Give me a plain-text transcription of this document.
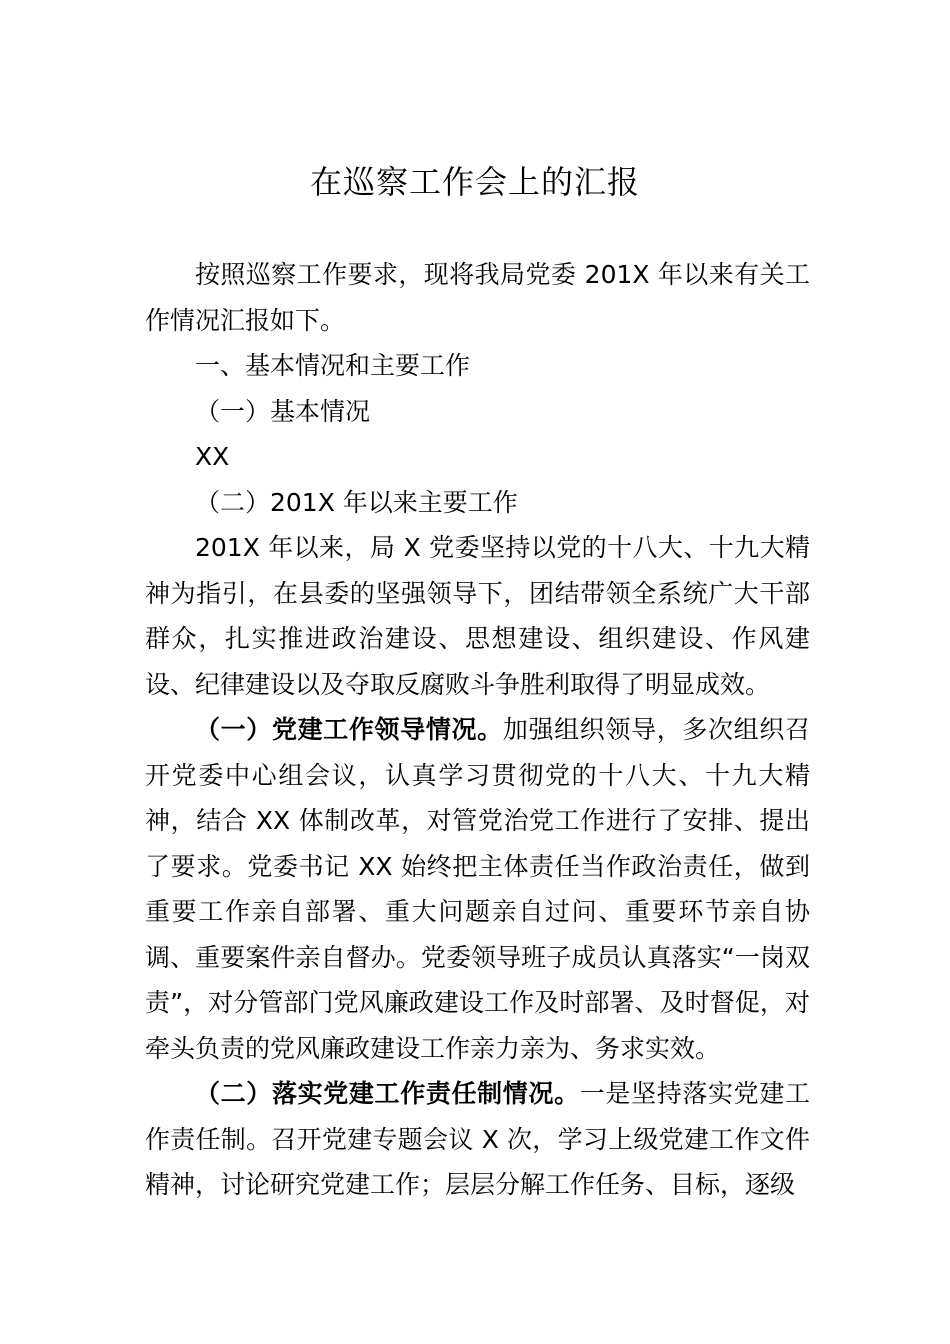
在巡察工作会上的汇报

按照巡察工作要求，现将我局党委 201X 年以来有关工作情况汇报如下。

一、基本情况和主要工作

（一）基本情况

XX

（二）201X 年以来主要工作

201X 年以来，局 X 党委坚持以党的十八大、十九大精神为指引，在县委的坚强领导下，团结带领全系统广大干部群众，扎实推进政治建设、思想建设、组织建设、作风建设、纪律建设以及夺取反腐败斗争胜利取得了明显成效。

（一）党建工作领导情况。加强组织领导，多次组织召开党委中心组会议，认真学习贯彻党的十八大、十九大精神，结合 XX 体制改革，对管党治党工作进行了安排、提出了要求。党委书记 XX 始终把主体责任当作政治责任，做到重要工作亲自部署、重大问题亲自过问、重要环节亲自协调、重要案件亲自督办。党委领导班子成员认真落实“一岗双责”，对分管部门党风廉政建设工作及时部署、及时督促，对牵头负责的党风廉政建设工作亲力亲为、务求实效。

（二）落实党建工作责任制情况。一是坚持落实党建工作责任制。召开党建专题会议 X 次，学习上级党建工作文件精神，讨论研究党建工作；层层分解工作任务、目标，逐级
